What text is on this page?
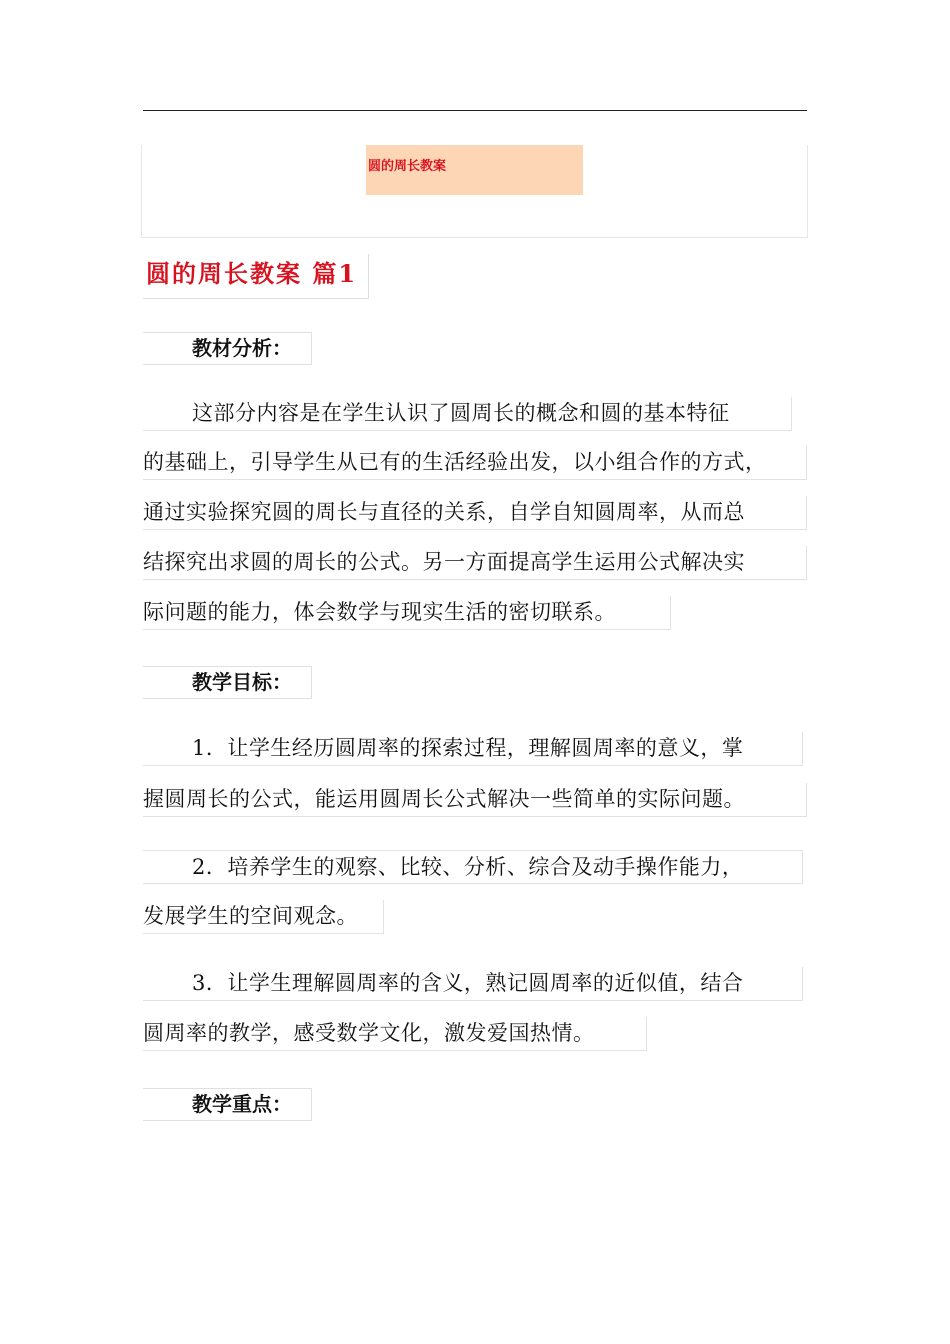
圆的周长教案
圆的周长教案 篇1
教材分析：
这部分内容是在学生认识了圆周长的概念和圆的基本特征
的基础上，引导学生从已有的生活经验出发，以小组合作的方式，
通过实验探究圆的周长与直径的关系，自学自知圆周率，从而总
结探究出求圆的周长的公式。另一方面提高学生运用公式解决实
际问题的能力，体会数学与现实生活的密切联系。
教学目标：
1．让学生经历圆周率的探索过程，理解圆周率的意义，掌
握圆周长的公式，能运用圆周长公式解决一些简单的实际问题。
2．培养学生的观察、比较、分析、综合及动手操作能力，
发展学生的空间观念。
3．让学生理解圆周率的含义，熟记圆周率的近似值，结合
圆周率的教学，感受数学文化，激发爱国热情。
教学重点：
